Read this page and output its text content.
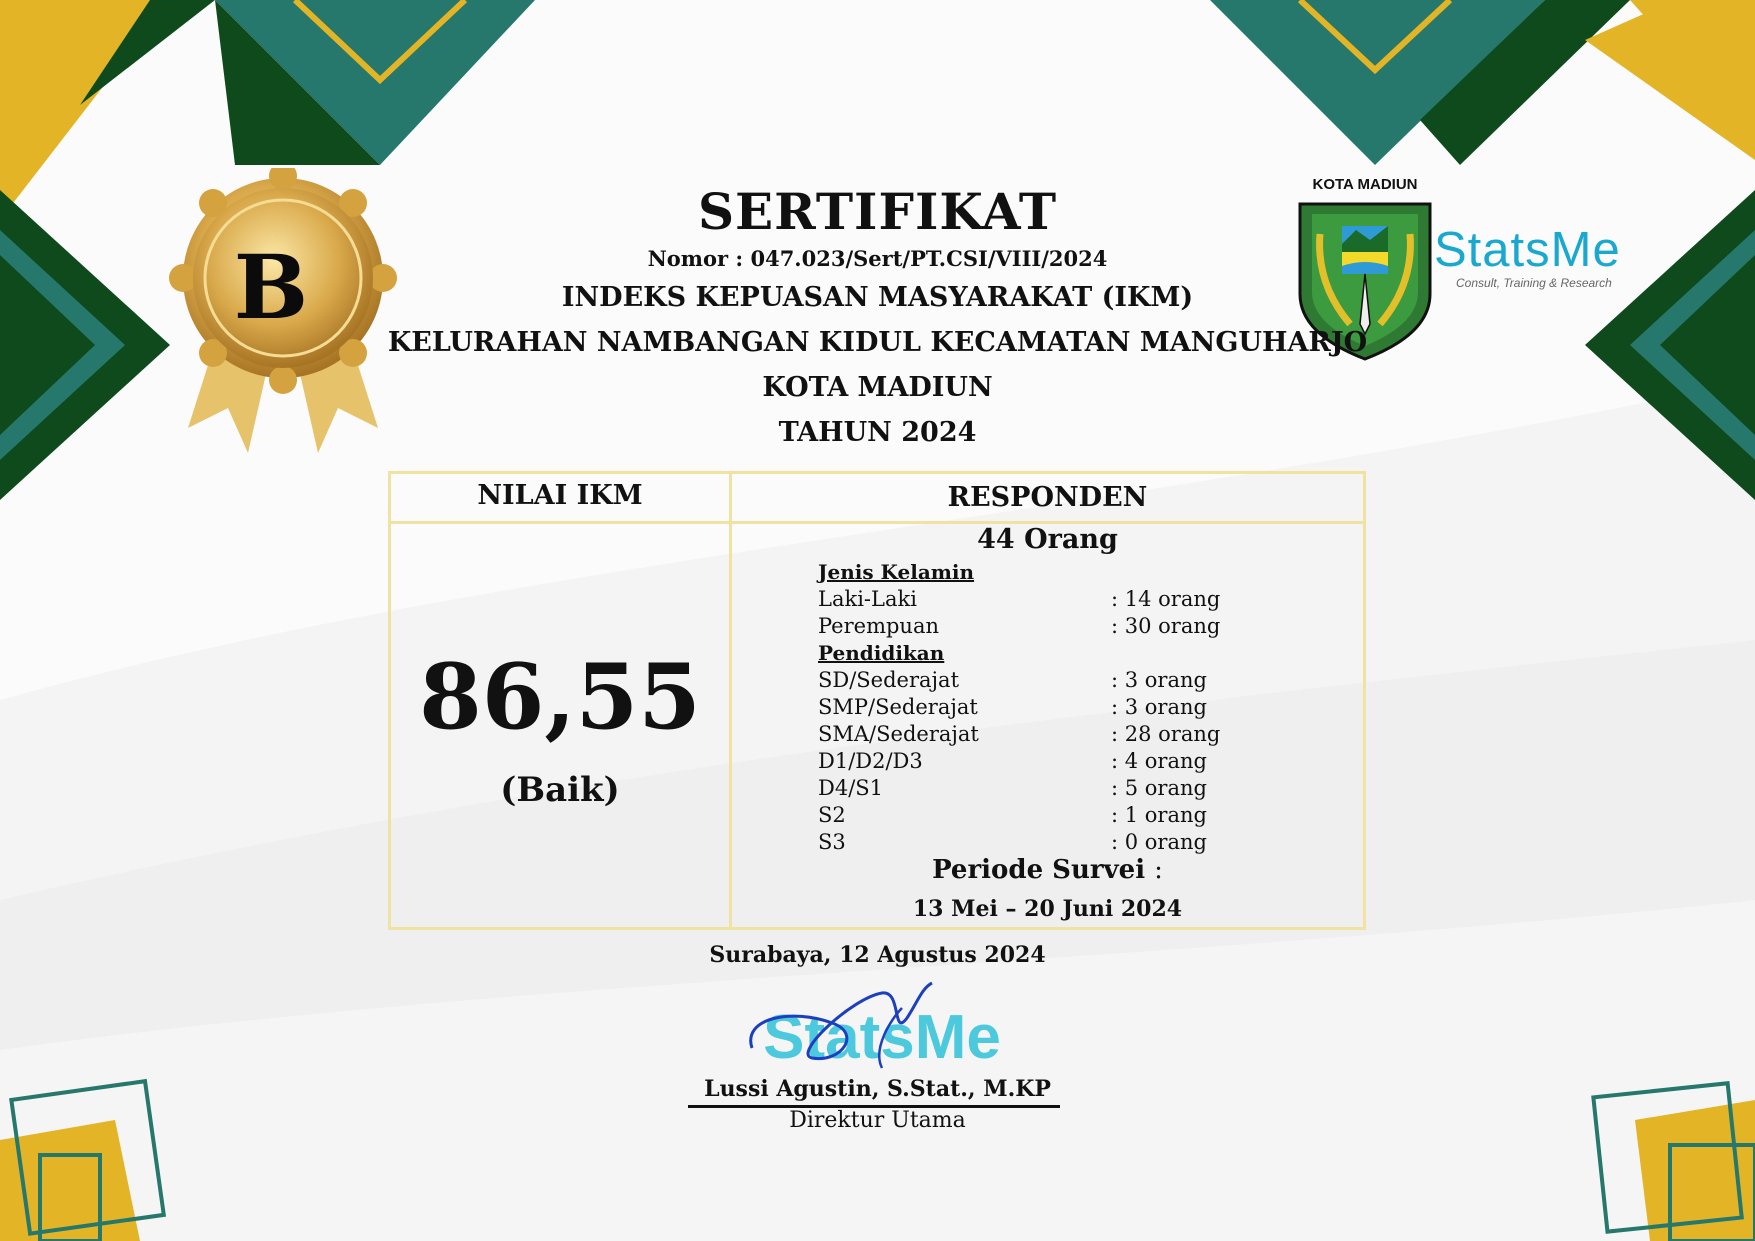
B
KOTA MADIUN
StatsMe
Consult, Training & Research
SERTIFIKAT
Nomor : 047.023/Sert/PT.CSI/VIII/2024
INDEKS KEPUASAN MASYARAKAT (IKM)
KELURAHAN NAMBANGAN KIDUL KECAMATAN MANGUHARJO
KOTA MADIUN
TAHUN 2024
NILAI IKM	RESPONDEN
86,55
(Baik)
44 Orang
Jenis Kelamin
Laki-Laki	: 14 orang
Perempuan	: 30 orang
Pendidikan
SD/Sederajat	: 3 orang
SMP/Sederajat	: 3 orang
SMA/Sederajat	: 28 orang
D1/D2/D3	: 4 orang
D4/S1	: 5 orang
S2	: 1 orang
S3	: 0 orang
Periode Survei :
13 Mei – 20 Juni 2024
Surabaya, 12 Agustus 2024
StatsMe
Lussi Agustin, S.Stat., M.KP
Direktur Utama
